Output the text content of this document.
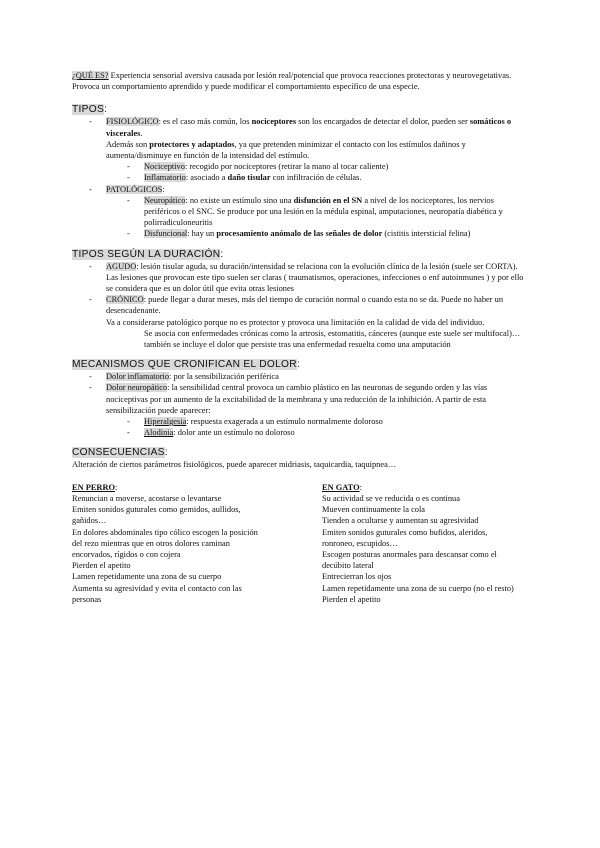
¿QUÉ ES? Experiencia sensorial aversiva causada por lesión real/potencial que provoca reacciones protectoras y neurovegetativas. Provoca un comportamiento aprendido y puede modificar el comportamiento específico de una especie.

TIPOS:

- FISIOLÓGICO: es el caso más común, los nociceptores son los encargados de detectar el dolor, pueden ser somáticos o viscerales.
Además son protectores y adaptados, ya que pretenden minimizar el contacto con los estímulos dañinos y aumenta/disminuye en función de la intensidad del estímulo.
- Nociceptivo: recogido por nociceptores (retirar la mano al tocar caliente)
- Inflamatorio: asociado a daño tisular con infiltración de células.
- PATOLÓGICOS:
- Neuropático: no existe un estímulo sino una disfunción en el SN a nivel de los nociceptores, los nervios periféricos o el SNC. Se produce por una lesión en la médula espinal, amputaciones, neuropatía diabética y polirradiculoneuritis
- Disfuncional: hay un procesamiento anómalo de las señales de dolor (cistitis intersticial felina)

TIPOS SEGÚN LA DURACIÓN:

- AGUDO: lesión tisular aguda, su duración/intensidad se relaciona con la evolución clínica de la lesión (suele ser CORTA). Las lesiones que provocan este tipo suelen ser claras ( traumatismos, operaciones, infecciones o enf autoinmunes ) y por ello se considera que es un dolor útil que evita otras lesiones
- CRÓNICO: puede llegar a durar meses, más del tiempo de curación normal o cuando esta no se da. Puede no haber un desencadenante.
Va a considerarse patológico porque no es protector y provoca una limitación en la calidad de vida del individuo.
Se asocia con enfermedades crónicas como la artrosis, estomatitis, cánceres (aunque este suele ser multifocal)… también se incluye el dolor que persiste tras una enfermedad resuelta como una amputación

MECANISMOS QUE CRONIFICAN EL DOLOR:

- Dolor inflamatorio: por la sensibilización periférica
- Dolor neuropático: la sensibilidad central provoca un cambio plástico en las neuronas de segundo orden y las vías nociceptivas por un aumento de la excitabilidad de la membrana y una reducción de la inhibición. A partir de esta sensibilización puede aparecer:
- Hiperalgesia: respuesta exagerada a un estímulo normalmente doloroso
- Alodinia: dolor ante un estímulo no doloroso

CONSECUENCIAS:

Alteración de ciertos parámetros fisiológicos, puede aparecer midriasis, taquicardia, taquipnea…

EN PERRO:

Renuncian a moverse, acostarse o levantarse

Emiten sonidos guturales como gemidos, aullidos,

gañidos…

En dolores abdominales tipo cólico escogen la posición

del rezo mientras que en otros dolores caminan

encorvados, rígidos o con cojera

Pierden el apetito

Lamen repetidamente una zona de su cuerpo

Aumenta su agresividad y evita el contacto con las

personas

EN GATO:

Su actividad se ve reducida o es continua

Mueven continuamente la cola

Tienden a ocultarse y aumentan su agresividad

Emiten sonidos guturales como bufidos, aleridos,

ronroneo, escupidos…

Escogen posturas anormales para descansar como el

decúbito lateral

Entrecierran los ojos

Lamen repetidamente una zona de su cuerpo (no el resto)

Pierden el apetito
